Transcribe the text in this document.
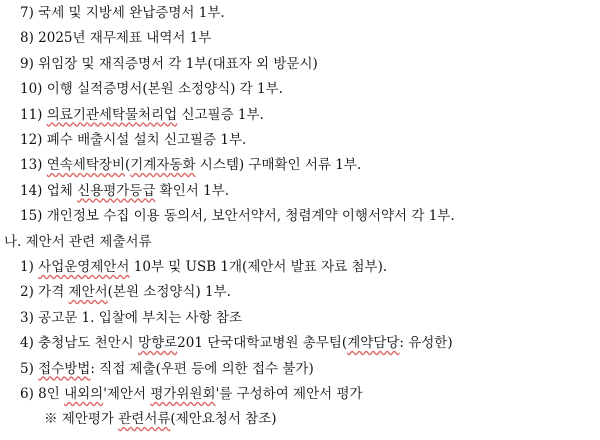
7) 국세 및 지방세 완납증명서 1부.
8) 2025년 재무제표 내역서 1부
9) 위임장 및 재직증명서 각 1부(대표자 외 방문시)
10) 이행 실적증명서(본원 소정양식) 각 1부.
11) 의료기관세탁물처리업 신고필증 1부.
12) 폐수 배출시설 설치 신고필증 1부.
13) 연속세탁장비(기계자동화 시스템) 구매확인 서류 1부.
14) 업체 신용평가등급 확인서 1부.
15) 개인정보 수집 이용 동의서, 보안서약서, 청렴계약 이행서약서 각 1부.
나. 제안서 관련 제출서류
1) 사업운영제안서 10부 및 USB 1개(제안서 발표 자료 첨부).
2) 가격 제안서(본원 소정양식) 1부.
3) 공고문 1. 입찰에 부치는 사항 참조
4) 충청남도 천안시 망향로201 단국대학교병원 총무팀(계약담당: 유성한)
5) 접수방법: 직접 제출(우편 등에 의한 접수 불가)
6) 8인 내외의'제안서 평가위원회'를 구성하여 제안서 평가
※ 제안평가 관련서류(제안요청서 참조)
